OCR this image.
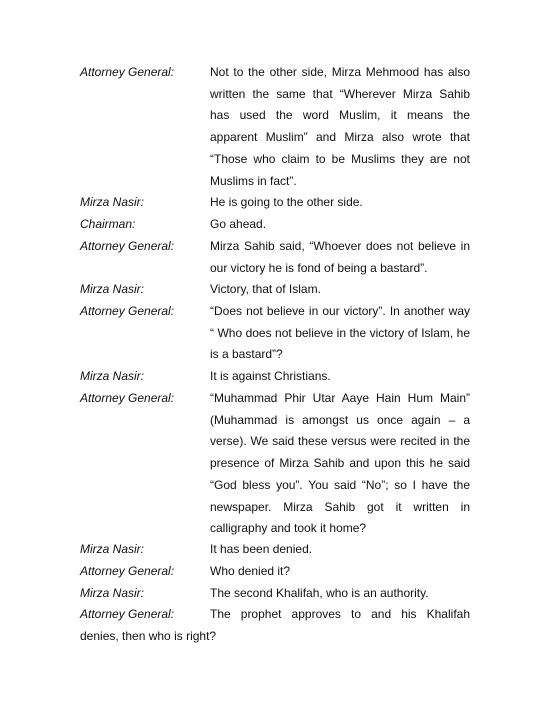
Attorney General:	Not to the other side, Mirza Mehmood has also written the same that “Wherever Mirza Sahib has used the word Muslim, it means the apparent Muslim” and Mirza also wrote that “Those who claim to be Muslims they are not Muslims in fact”.
Mirza Nasir:	He is going to the other side.
Chairman:	Go ahead.
Attorney General:	Mirza Sahib said, “Whoever does not believe in our victory he is fond of being a bastard”.
Mirza Nasir:	Victory, that of Islam.
Attorney General:	“Does not believe in our victory”. In another way “ Who does not believe in the victory of Islam, he is a bastard”?
Mirza Nasir:	It is against Christians.
Attorney General:	“Muhammad Phir Utar Aaye Hain Hum Main” (Muhammad is amongst us once again – a verse). We said these versus were recited in the presence of Mirza Sahib and upon this he said “God bless you”. You said “No”; so I have the newspaper. Mirza Sahib got it written in calligraphy and took it home?
Mirza Nasir:	It has been denied.
Attorney General:	Who denied it?
Mirza Nasir:	The second Khalifah, who is an authority.
Attorney General:	The prophet approves to and his Khalifah denies, then who is right?
